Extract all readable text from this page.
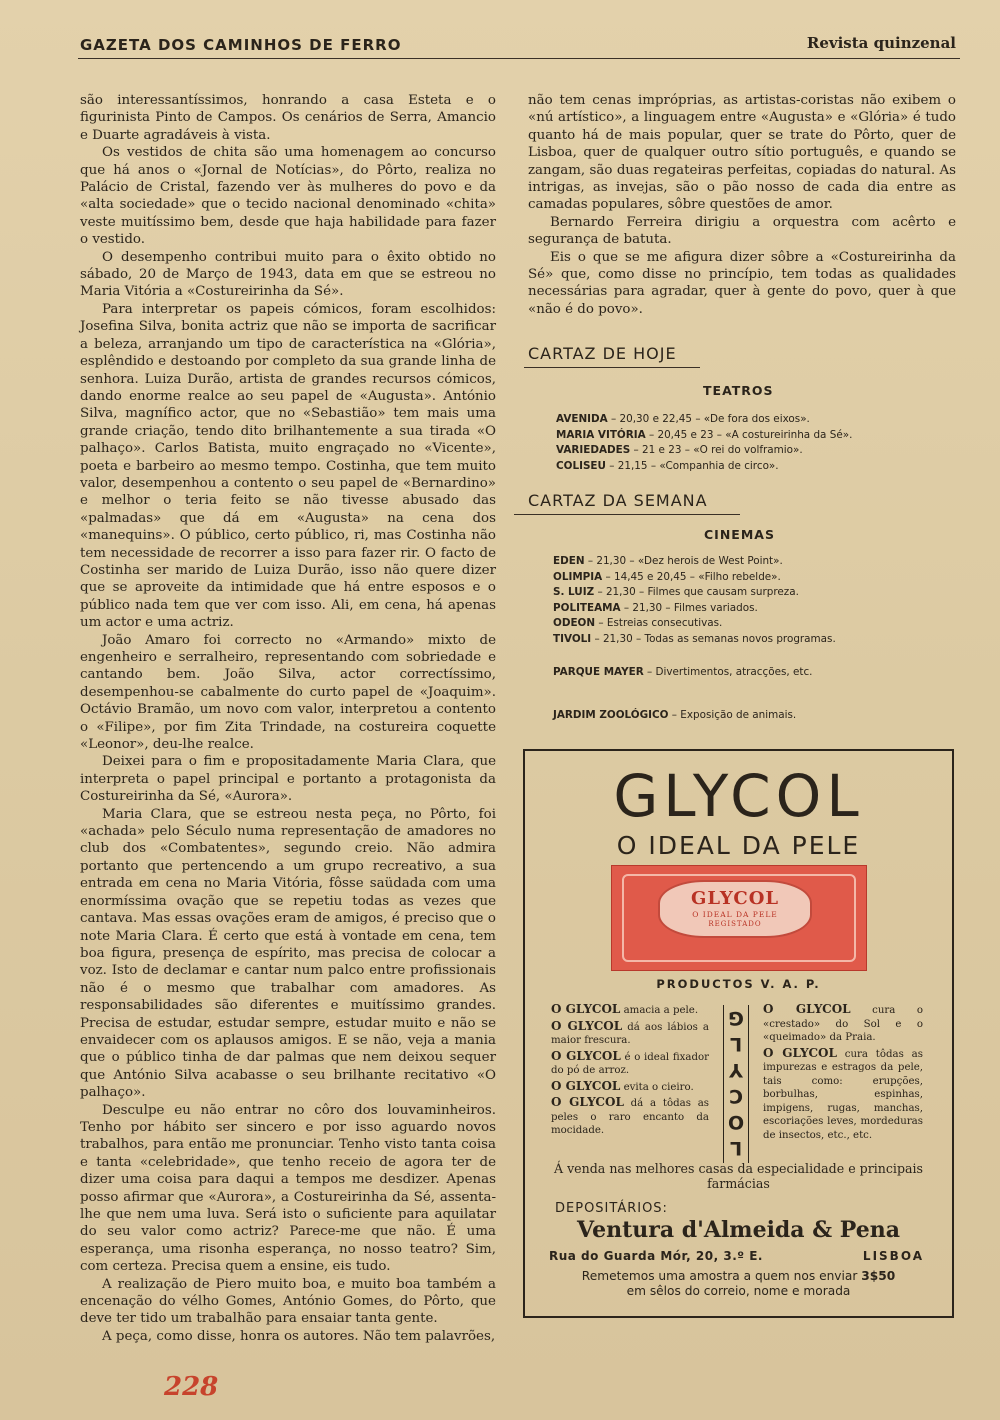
GAZETA DOS CAMINHOS DE FERRO	Revista quinzenal

são interessantíssimos, honrando a casa Esteta e o figurinista Pinto de Campos. Os cenários de Serra, Amancio e Duarte agradáveis à vista.

Os vestidos de chita são uma homenagem ao concurso que há anos o «Jornal de Notícias», do Pôrto, realiza no Palácio de Cristal, fazendo ver às mulheres do povo e da «alta sociedade» que o tecido nacional denominado «chita» veste muitíssimo bem, desde que haja habilidade para fazer o vestido.

O desempenho contribui muito para o êxito obtido no sábado, 20 de Março de 1943, data em que se estreou no Maria Vitória a «Costureirinha da Sé».

Para interpretar os papeis cómicos, foram escolhidos: Josefina Silva, bonita actriz que não se importa de sacrificar a beleza, arranjando um tipo de característica na «Glória», esplêndido e destoando por completo da sua grande linha de senhora. Luiza Durão, artista de grandes recursos cómicos, dando enorme realce ao seu papel de «Augusta». António Silva, magnífico actor, que no «Sebastião» tem mais uma grande criação, tendo dito brilhantemente a sua tirada «O palhaço». Carlos Batista, muito engraçado no «Vicente», poeta e barbeiro ao mesmo tempo. Costinha, que tem muito valor, desempenhou a contento o seu papel de «Bernardino» e melhor o teria feito se não tivesse abusado das «palmadas» que dá em «Augusta» na cena dos «manequins». O público, certo público, ri, mas Costinha não tem necessidade de recorrer a isso para fazer rir. O facto de Costinha ser marido de Luiza Durão, isso não quere dizer que se aproveite da intimidade que há entre esposos e o público nada tem que ver com isso. Ali, em cena, há apenas um actor e uma actriz.

João Amaro foi correcto no «Armando» mixto de engenheiro e serralheiro, representando com sobriedade e cantando bem. João Silva, actor correctíssimo, desempenhou-se cabalmente do curto papel de «Joaquim». Octávio Bramão, um novo com valor, interpretou a contento o «Filipe», por fim Zita Trindade, na costureira coquette «Leonor», deu-lhe realce.

Deixei para o fim e propositadamente Maria Clara, que interpreta o papel principal e portanto a protagonista da Costureirinha da Sé, «Aurora».

Maria Clara, que se estreou nesta peça, no Pôrto, foi «achada» pelo Século numa representação de amadores no club dos «Combatentes», segundo creio. Não admira portanto que pertencendo a um grupo recreativo, a sua entrada em cena no Maria Vitória, fôsse saüdada com uma enormíssima ovação que se repetiu todas as vezes que cantava. Mas essas ovações eram de amigos, é preciso que o note Maria Clara. É certo que está à vontade em cena, tem boa figura, presença de espírito, mas precisa de colocar a voz. Isto de declamar e cantar num palco entre profissionais não é o mesmo que trabalhar com amadores. As responsabilidades são diferentes e muitíssimo grandes. Precisa de estudar, estudar sempre, estudar muito e não se envaidecer com os aplausos amigos. E se não, veja a mania que o público tinha de dar palmas que nem deixou sequer que António Silva acabasse o seu brilhante recitativo «O palhaço».

Desculpe eu não entrar no côro dos louvaminheiros. Tenho por hábito ser sincero e por isso aguardo novos trabalhos, para então me pronunciar. Tenho visto tanta coisa e tanta «celebridade», que tenho receio de agora ter de dizer uma coisa para daqui a tempos me desdizer. Apenas posso afirmar que «Aurora», a Costureirinha da Sé, assenta-lhe que nem uma luva. Será isto o suficiente para aquilatar do seu valor como actriz? Parece-me que não. É uma esperança, uma risonha esperança, no nosso teatro? Sim, com certeza. Precisa quem a ensine, eis tudo.

A realização de Piero muito boa, e muito boa também a encenação do vélho Gomes, António Gomes, do Pôrto, que deve ter tido um trabalhão para ensaiar tanta gente.

A peça, como disse, honra os autores. Não tem palavrões,

não tem cenas impróprias, as artistas-coristas não exibem o «nú artístico», a linguagem entre «Augusta» e «Glória» é tudo quanto há de mais popular, quer se trate do Pôrto, quer de Lisboa, quer de qualquer outro sítio português, e quando se zangam, são duas regateiras perfeitas, copiadas do natural. As intrigas, as invejas, são o pão nosso de cada dia entre as camadas populares, sôbre questões de amor.

Bernardo Ferreira dirigiu a orquestra com acêrto e segurança de batuta.

Eis o que se me afigura dizer sôbre a «Costureirinha da Sé» que, como disse no princípio, tem todas as qualidades necessárias para agradar, quer à gente do povo, quer à que «não é do povo».

CARTAZ DE HOJE
TEATROS
AVENIDA – 20,30 e 22,45 – «De fora dos eixos».
MARIA VITÓRIA – 20,45 e 23 – «A costureirinha da Sé».
VARIEDADES – 21 e 23 – «O rei do volframio».
COLISEU – 21,15 – «Companhia de circo».
CARTAZ DA SEMANA
CINEMAS
EDEN – 21,30 – «Dez herois de West Point».
OLIMPIA – 14,45 e 20,45 – «Filho rebelde».
S. LUIZ – 21,30 – Filmes que causam surpreza.
POLITEAMA – 21,30 – Filmes variados.
ODEON – Estreias consecutivas.
TIVOLI – 21,30 – Todas as semanas novos programas.
PARQUE MAYER – Divertimentos, atracções, etc.
JARDIM ZOOLÓGICO – Exposição de animais.
GLYCOL
O IDEAL DA PELE
GLYCOL
O IDEAL DA PELE
REGISTADO
PRODUCTOS V. A. P.
O GLYCOL amacia a pele.
O GLYCOL dá aos lábios a maior frescura.
O GLYCOL é o ideal fixador do pó de arroz.
O GLYCOL evita o cieiro.
O GLYCOL dá a tôdas as peles o raro encanto da mocidade.
G
L
Y
C
O
L
O GLYCOL cura o «crestado» do Sol e o «queimado» da Praia.
O GLYCOL cura tôdas as impurezas e estragos da pele, tais como: erupções, borbulhas, espinhas, impigens, rugas, manchas, escoriações leves, mordeduras de insectos, etc., etc.
Á venda nas melhores casas da especialidade e principais farmácias
DEPOSITÁRIOS:
Ventura d'Almeida & Pena
Rua do Guarda Mór, 20, 3.º E.	LISBOA
Remetemos uma amostra a quem nos enviar 3$50
em sêlos do correio, nome e morada
228
